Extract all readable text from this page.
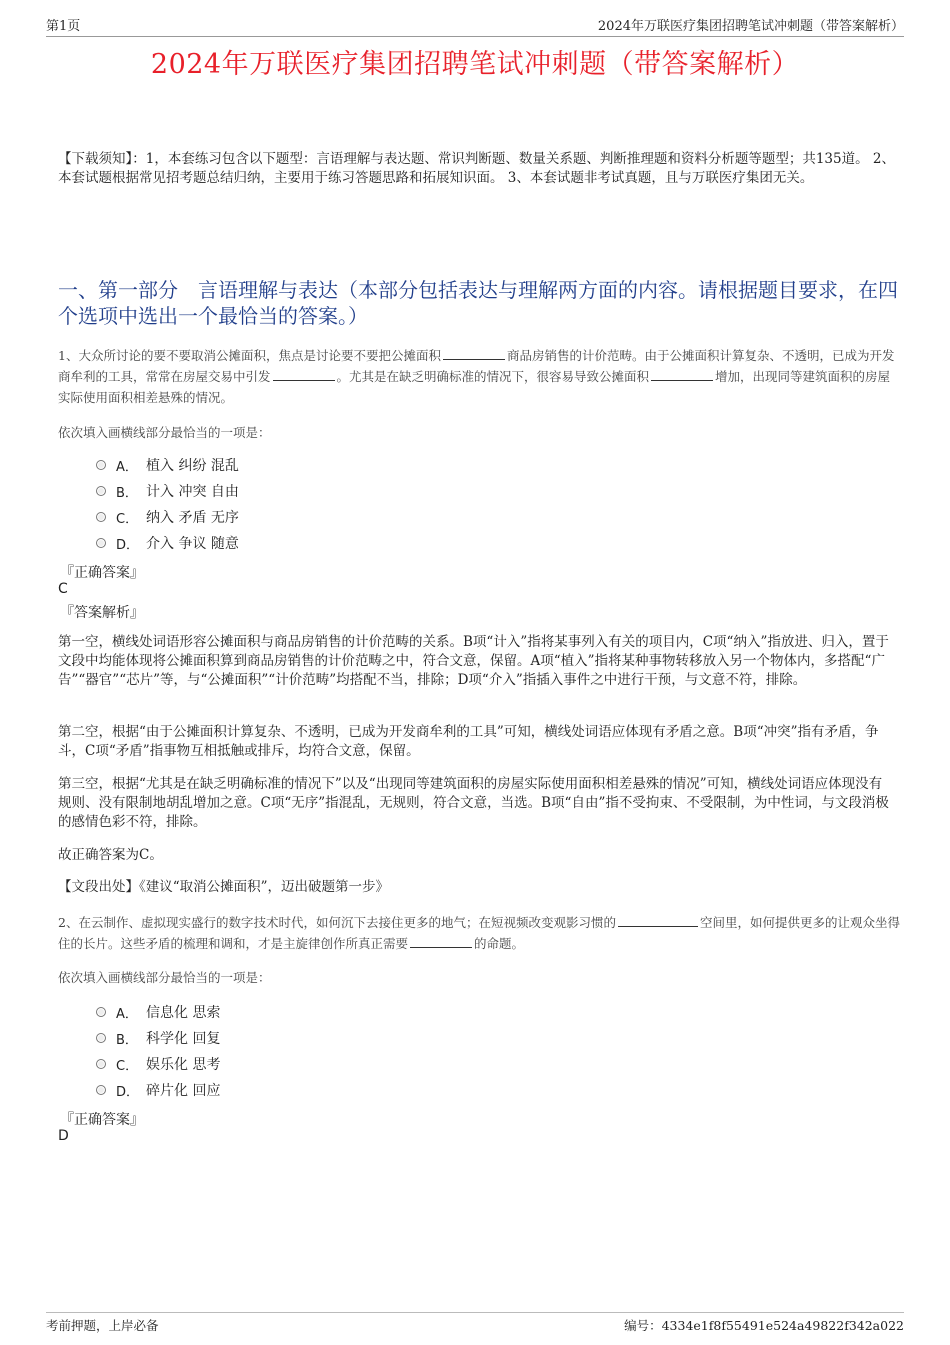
第1页	2024年万联医疗集团招聘笔试冲刺题（带答案解析）
2024年万联医疗集团招聘笔试冲刺题（带答案解析）
【下载须知】：1，本套练习包含以下题型：言语理解与表达题、常识判断题、数量关系题、判断推理题和资料分析题等题型；共135道。 2、本套试题根据常见招考题总结归纳，主要用于练习答题思路和拓展知识面。 3、本套试题非考试真题，且与万联医疗集团无关。
一、第一部分　言语理解与表达（本部分包括表达与理解两方面的内容。请根据题目要求，在四个选项中选出一个最恰当的答案。）
1、大众所讨论的要不要取消公摊面积，焦点是讨论要不要把公摊面积	商品房销售的计价范畴。由于公摊面积计算复杂、不透明，已成为开发商牟利的工具，常常在房屋交易中引发	。尤其是在缺乏明确标准的情况下，很容易导致公摊面积	增加，出现同等建筑面积的房屋实际使用面积相差悬殊的情况。
依次填入画横线部分最恰当的一项是：
A． 植入 纠纷 混乱
B． 计入 冲突 自由
C． 纳入 矛盾 无序
D． 介入 争议 随意
『正确答案』
C
『答案解析』
第一空，横线处词语形容公摊面积与商品房销售的计价范畴的关系。B项“计入”指将某事列入有关的项目内，C项“纳入”指放进、归入，置于文段中均能体现将公摊面积算到商品房销售的计价范畴之中，符合文意，保留。A项“植入”指将某种事物转移放入另一个物体内，多搭配“广告”“器官”“芯片”等，与“公摊面积”“计价范畴”均搭配不当，排除；D项“介入”指插入事件之中进行干预，与文意不符，排除。
第二空，根据“由于公摊面积计算复杂、不透明，已成为开发商牟利的工具”可知，横线处词语应体现有矛盾之意。B项“冲突”指有矛盾，争斗，C项“矛盾”指事物互相抵触或排斥，均符合文意，保留。
第三空，根据“尤其是在缺乏明确标准的情况下”以及“出现同等建筑面积的房屋实际使用面积相差悬殊的情况”可知，横线处词语应体现没有规则、没有限制地胡乱增加之意。C项“无序”指混乱，无规则，符合文意，当选。B项“自由”指不受拘束、不受限制，为中性词，与文段消极的感情色彩不符，排除。
故正确答案为C。
【文段出处】《建议“取消公摊面积”，迈出破题第一步》
2、在云制作、虚拟现实盛行的数字技术时代，如何沉下去接住更多的地气；在短视频改变观影习惯的	空间里，如何提供更多的让观众坐得住的长片。这些矛盾的梳理和调和，才是主旋律创作所真正需要	的命题。
依次填入画横线部分最恰当的一项是：
A． 信息化 思索
B． 科学化 回复
C． 娱乐化 思考
D． 碎片化 回应
『正确答案』
D
考前押题，上岸必备	编号：4334e1f8f55491e524a49822f342a022
